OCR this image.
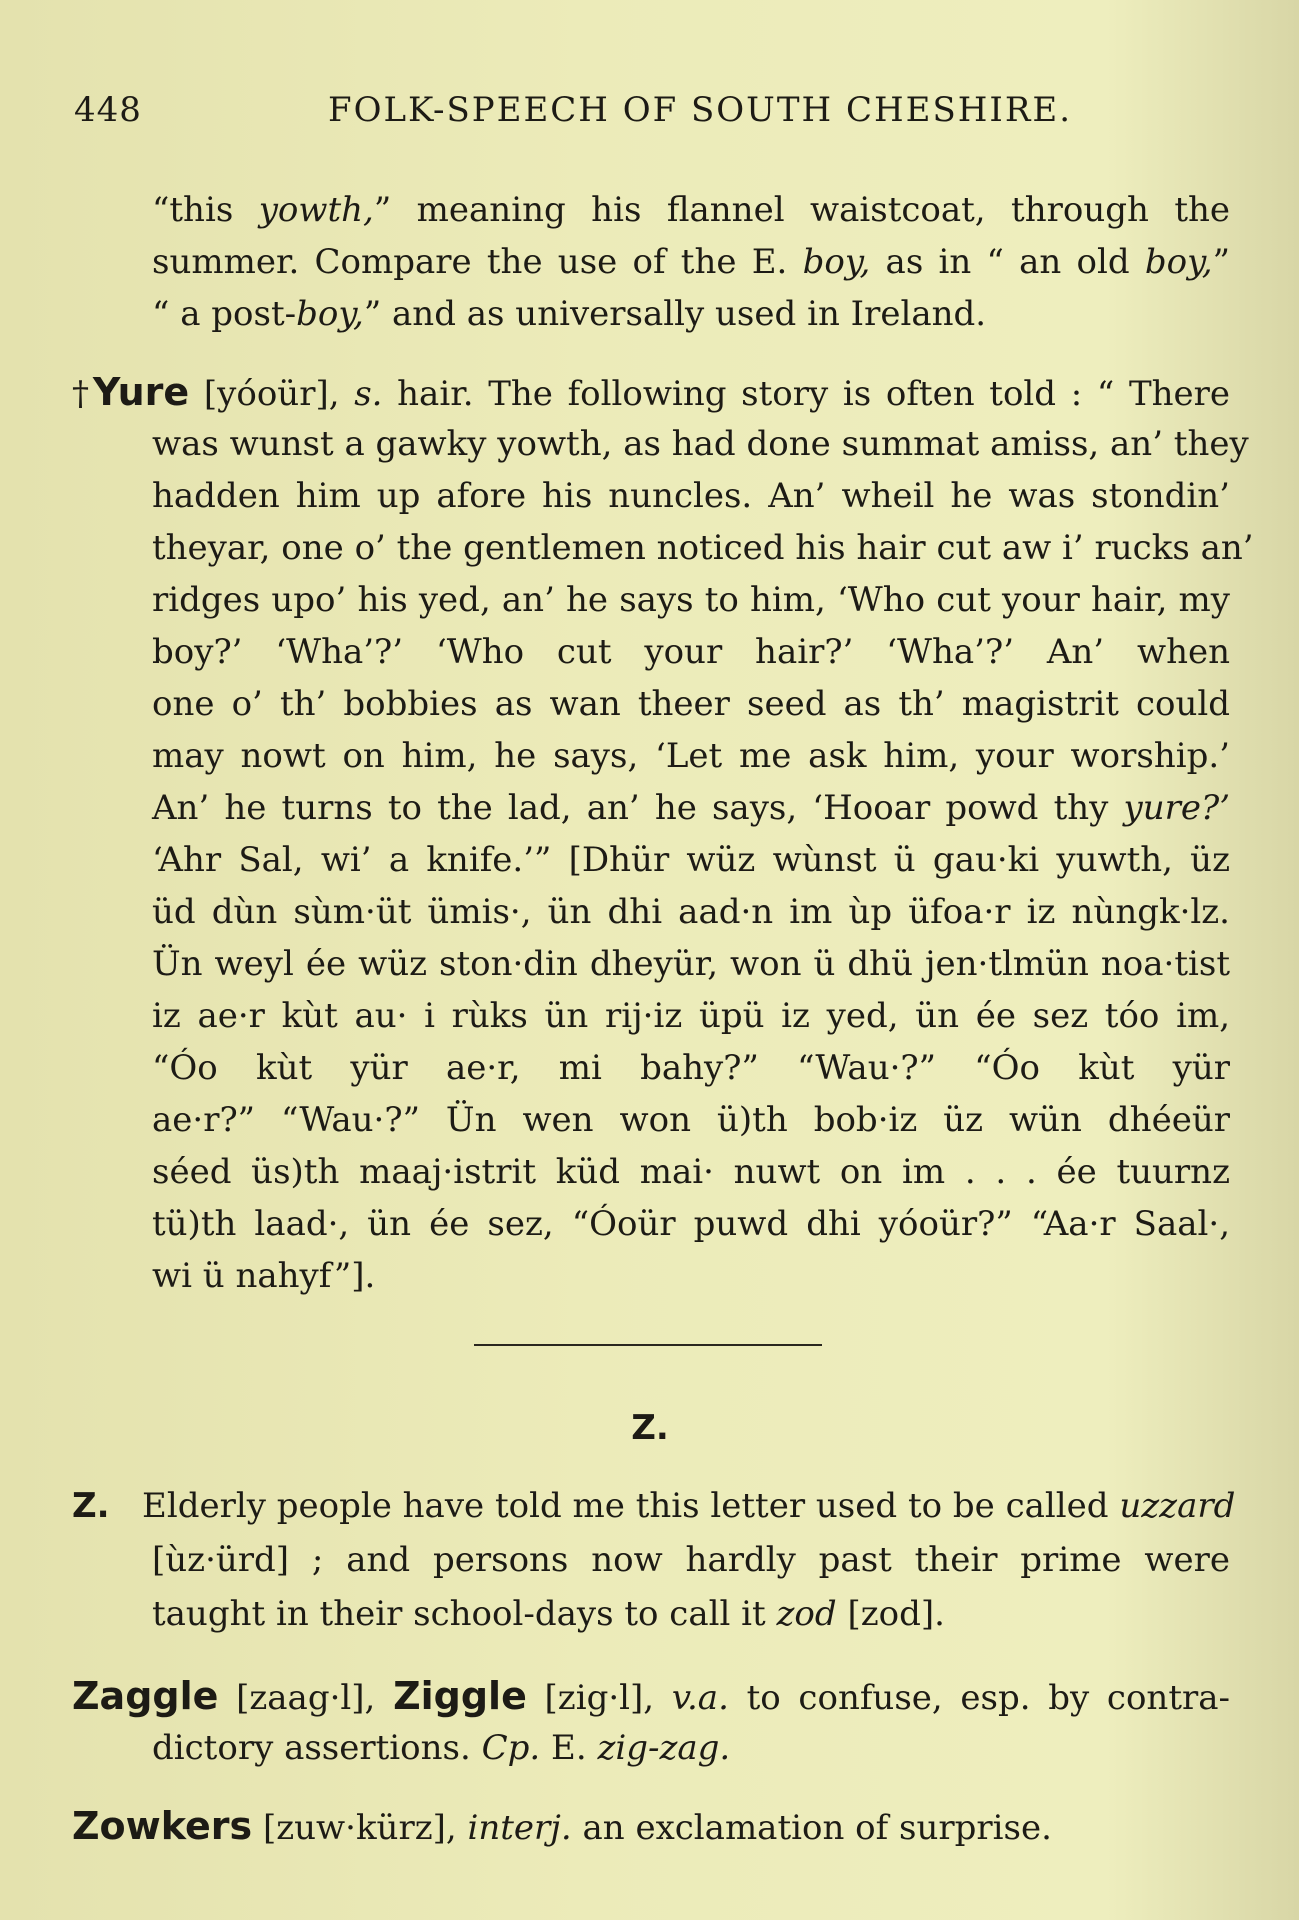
448	FOLK-SPEECH OF SOUTH CHESHIRE.
“this yowth,” meaning his flannel waistcoat, through the
summer. Compare the use of the E. boy, as in “ an old boy,”
“ a post-boy,” and as universally used in Ireland.
†Yure [yóoür], s. hair. The following story is often told : “ There
was wunst a gawky yowth, as had done summat amiss, an’ they
hadden him up afore his nuncles. An’ wheil he was stondin’
theyar, one o’ the gentlemen noticed his hair cut aw i’ rucks an’
ridges upo’ his yed, an’ he says to him, ‘Who cut your hair, my
boy?’ ‘Wha’?’ ‘Who cut your hair?’ ‘Wha’?’ An’ when
one o’ th’ bobbies as wan theer seed as th’ magistrit could
may nowt on him, he says, ‘Let me ask him, your worship.’
An’ he turns to the lad, an’ he says, ‘Hooar powd thy yure?’
‘Ahr Sal, wi’ a knife.’” [Dhür wüz wùnst ü gau·ki yuwth, üz
üd dùn sùm·üt ümis·, ün dhi aad·n im ùp üfoa·r iz nùngk·lz.
Ün weyl ée wüz ston·din dheyür, won ü dhü jen·tlmün noa·tist
iz ae·r kùt au· i rùks ün rij·iz üpü iz yed, ün ée sez tóo im,
“Óo kùt yür ae·r, mi bahy?” “Wau·?” “Óo kùt yür
ae·r?” “Wau·?” Ün wen won ü)th bob·iz üz wün dhéeür
séed üs)th maaj·istrit küd mai· nuwt on im . . . ée tuurnz
tü)th laad·, ün ée sez, “Óoür puwd dhi yóoür?” “Aa·r Saal·,
wi ü nahyf”].
Z.
Z. Elderly people have told me this letter used to be called uzzard
[ùz·ürd] ; and persons now hardly past their prime were
taught in their school-days to call it zod [zod].
Zaggle [zaag·l], Ziggle [zig·l], v.a. to confuse, esp. by contra-
dictory assertions. Cp. E. zig-zag.
Zowkers [zuw·kürz], interj. an exclamation of surprise.
